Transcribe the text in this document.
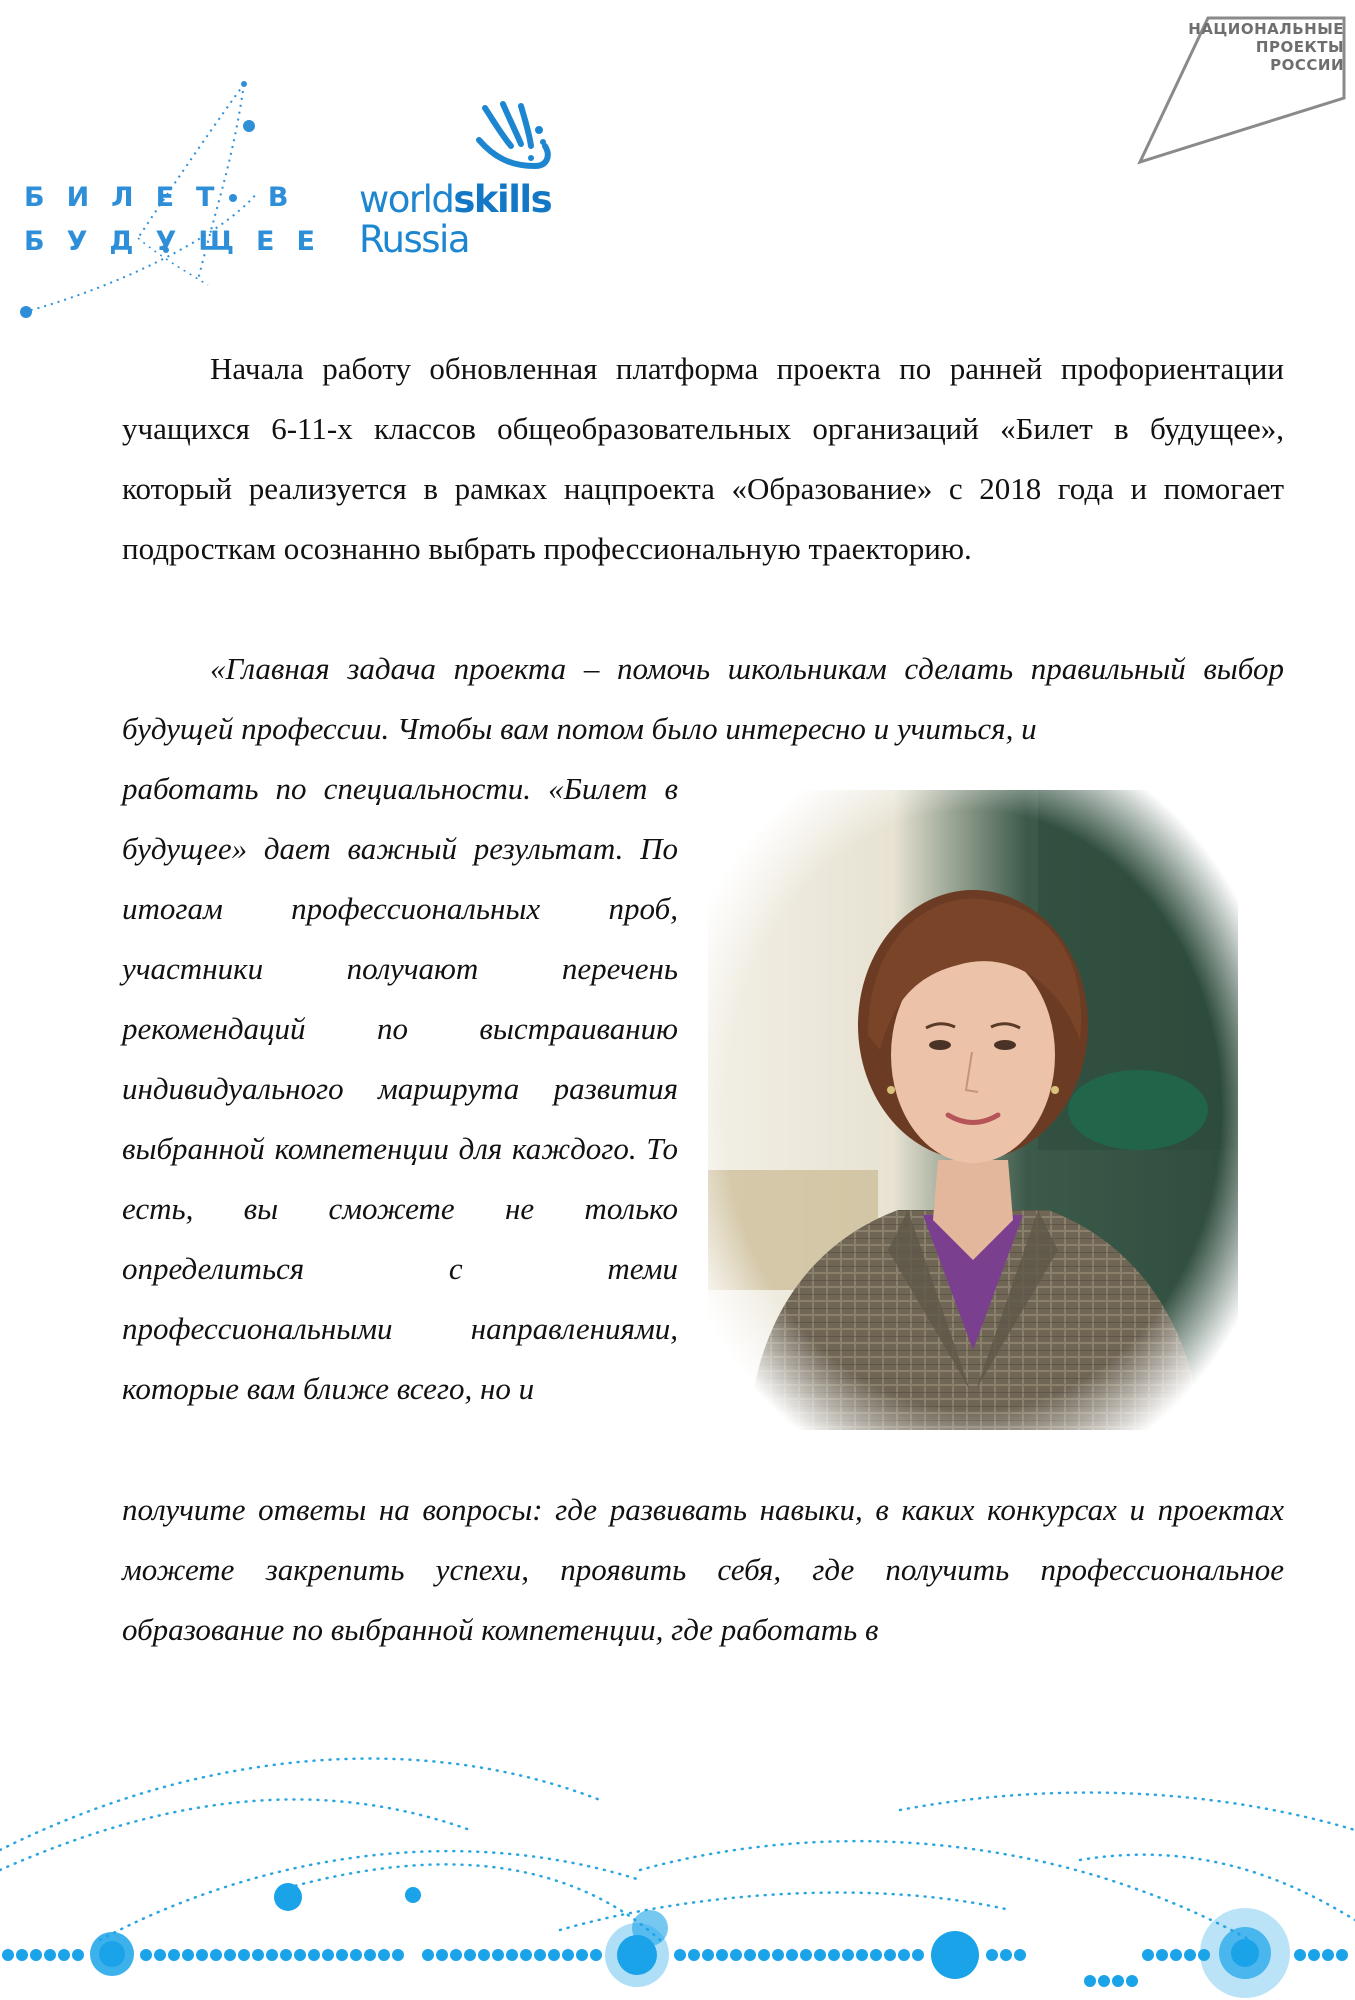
БИЛЕТ В
БУДУЩЕЕ
worldskills
Russia
НАЦИОНАЛЬНЫЕ
ПРОЕКТЫ
РОССИИ

Начала работу обновленная платформа проекта по ранней профориентации учащихся 6-11-х классов общеобразовательных организаций «Билет в будущее», который реализуется в рамках нацпроекта «Образование» с 2018 года и помогает подросткам осознанно выбрать профессиональную траекторию.

«Главная задача проекта – помочь школьникам сделать правильный выбор будущей профессии. Чтобы вам потом было интересно и учиться, и

работать по специальности. «Билет в будущее» дает важный результат. По итогам профессиональных проб, участники получают перечень рекомендаций по выстраиванию индивидуального маршрута развития выбранной компетенции для каждого. То есть, вы сможете не только определиться с теми профессиональными направлениями, которые вам ближе всего, но и

получите ответы на вопросы: где развивать навыки, в каких конкурсах и проектах можете закрепить успехи, проявить себя, где получить профессиональное образование по выбранной компетенции, где работать в
